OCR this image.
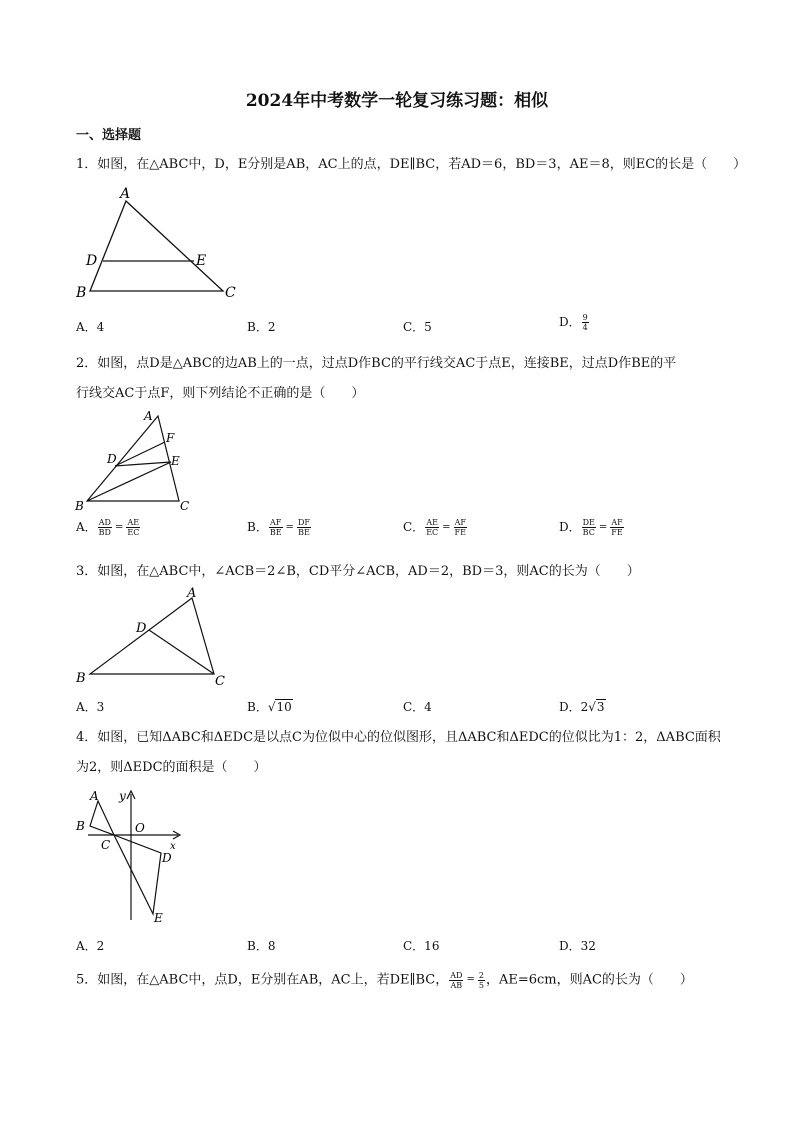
2024年中考数学一轮复习练习题：相似
一、选择题
1．如图，在△ABC中，D，E分别是AB，AC上的点，DE∥BC，若AD＝6，BD＝3，AE＝8，则EC的长是（　　）
A
D	E
B	C
A．4	B．2	C．5	D． $\frac{9}{4}$
2．如图，点D是△ABC的边AB上的一点，过点D作BC的平行线交AC于点E，连接BE，过点D作BE的平
行线交AC于点F，则下列结论不正确的是（　　）
A
F
D	E
B	C
A． $\frac{AD}{BD} = \frac{AE}{EC}$	B． $\frac{AF}{BE} = \frac{DF}{BE}$	C． $\frac{AE}{EC} = \frac{AF}{FE}$	D． $\frac{DE}{BC} = \frac{AF}{FE}$
3．如图，在△ABC中，∠ACB＝2∠B，CD平分∠ACB，AD＝2，BD＝3，则AC的长为（　　）
A
D
B	C
A．3	B．√10	C．4	D．2√3
4．如图，已知ΔABC和ΔEDC是以点C为位似中心的位似图形，且ΔABC和ΔEDC的位似比为1：2，ΔABC面积
为2，则ΔEDC的面积是（　　）
A y
B	O
C	x
D
E
A．2	B．8	C．16	D．32
5．如图，在△ABC中，点D，E分别在AB，AC上，若DE∥BC， $\frac{AD}{AB} = \frac{2}{5}$ ，AE=6cm，则AC的长为（　　）
